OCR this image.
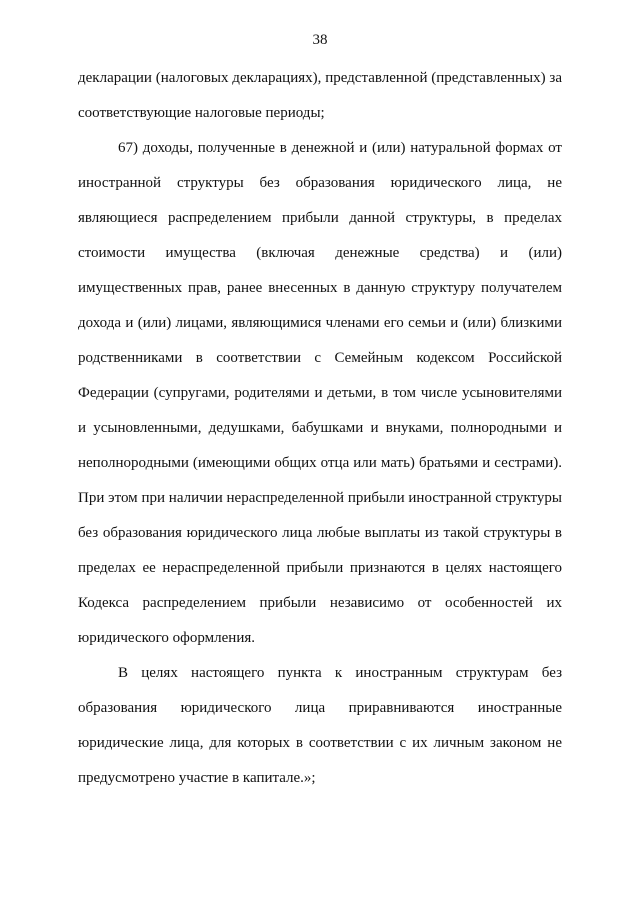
38
декларации (налоговых декларациях), представленной (представленных) за
соответствующие налоговые периоды;
67) доходы, полученные в денежной и (или) натуральной формах от
иностранной структуры без образования юридического лица, не
являющиеся распределением прибыли данной структуры, в пределах
стоимости имущества (включая денежные средства) и (или)
имущественных прав, ранее внесенных в данную структуру получателем
дохода и (или) лицами, являющимися членами его семьи и (или) близкими
родственниками в соответствии с Семейным кодексом Российской
Федерации (супругами, родителями и детьми, в том числе усыновителями
и усыновленными, дедушками, бабушками и внуками, полнородными и
неполнородными (имеющими общих отца или мать) братьями и сестрами).
При этом при наличии нераспределенной прибыли иностранной структуры
без образования юридического лица любые выплаты из такой структуры в
пределах ее нераспределенной прибыли признаются в целях настоящего
Кодекса распределением прибыли независимо от особенностей их
юридического оформления.
В целях настоящего пункта к иностранным структурам без
образования юридического лица приравниваются иностранные
юридические лица, для которых в соответствии с их личным законом не
предусмотрено участие в капитале.»;
